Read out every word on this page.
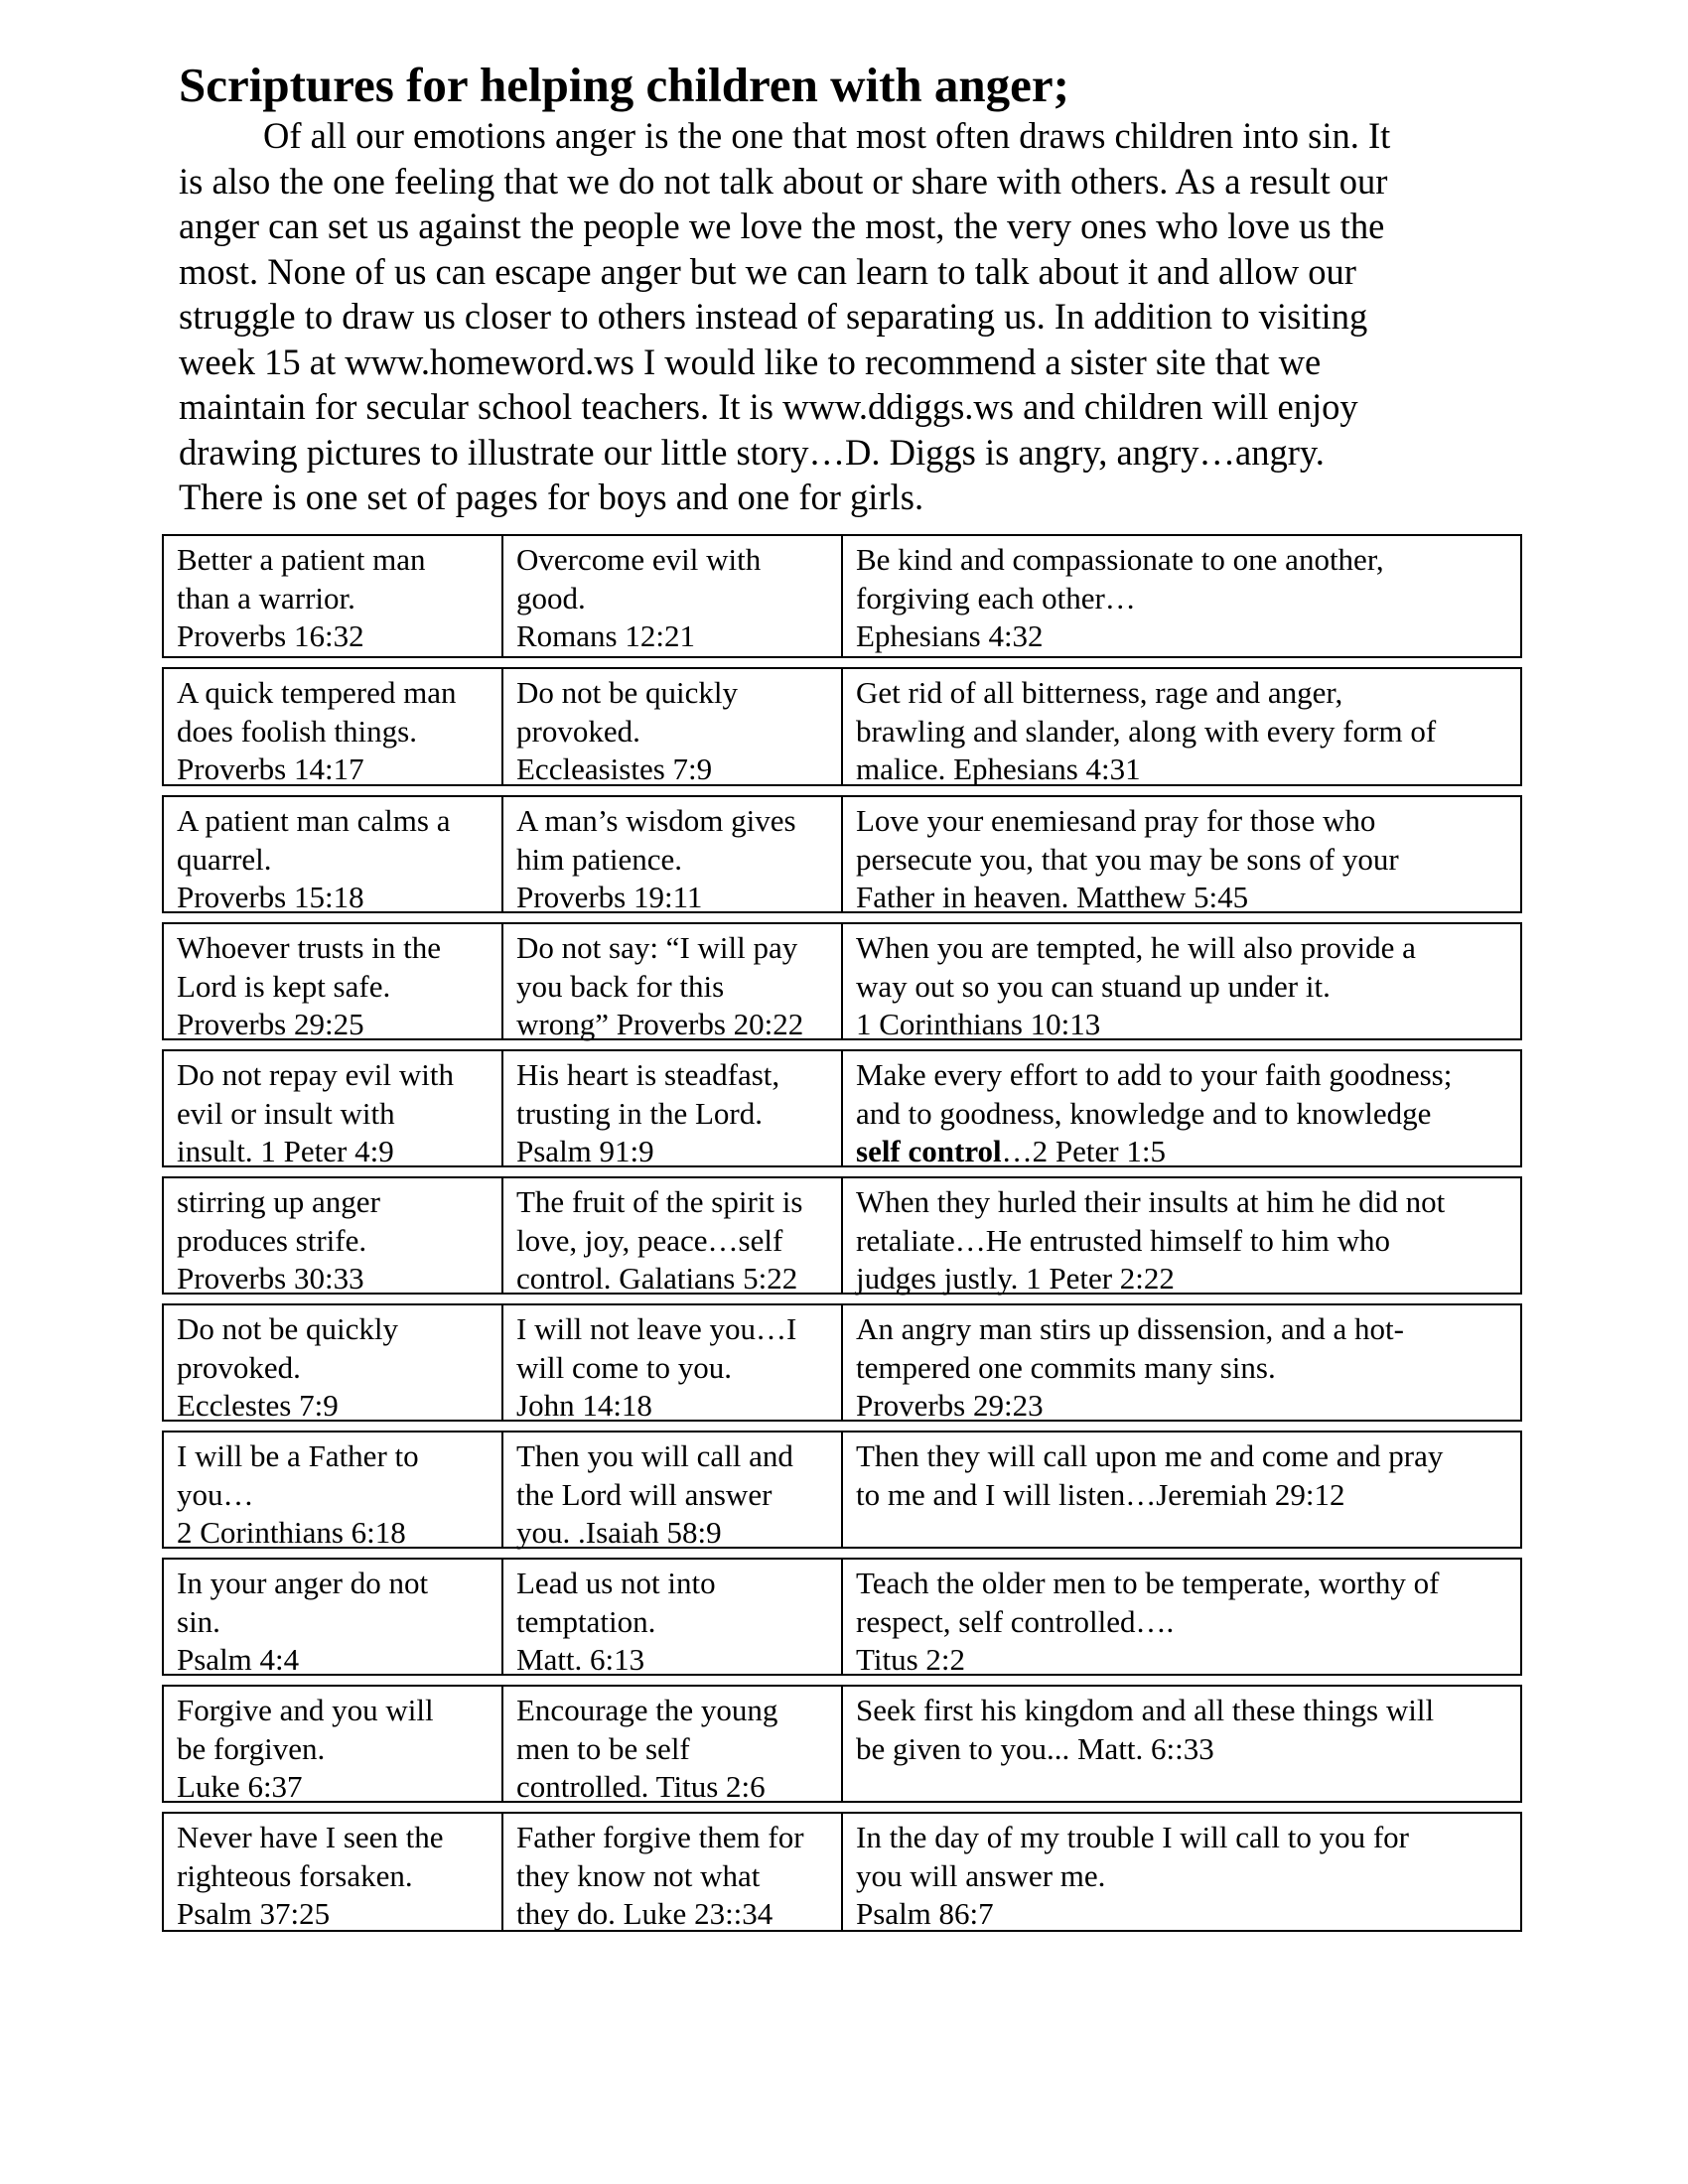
Scriptures for helping children with anger;
Of all our emotions anger is the one that most often draws children into sin. It
is also the one feeling that we do not talk about or share with others. As a result our
anger can set us against the people we love the most, the very ones who love us the
most. None of us can escape anger but we can learn to talk about it and allow our
struggle to draw us closer to others instead of separating us. In addition to visiting
week 15 at www.homeword.ws I would like to recommend a sister site that we
maintain for secular school teachers. It is www.ddiggs.ws and children will enjoy
drawing pictures to illustrate our little story…D. Diggs is angry, angry…angry.
There is one set of pages for boys and one for girls.
Better a patient man
than a warrior.
Proverbs 16:32
Overcome evil with
good.
Romans 12:21
Be kind and compassionate to one another,
forgiving each other…
Ephesians 4:32
A quick tempered man
does foolish things.
Proverbs 14:17
Do not be quickly
provoked.
Eccleasistes 7:9
Get rid of all bitterness, rage and anger,
brawling and slander, along with every form of
malice. Ephesians 4:31
A patient man calms a
quarrel.
Proverbs 15:18
A man’s wisdom gives
him patience.
Proverbs 19:11
Love your enemiesand pray for those who
persecute you, that you may be sons of your
Father in heaven. Matthew 5:45
Whoever trusts in the
Lord is kept safe.
Proverbs 29:25
Do not say: “I will pay
you back for this
wrong” Proverbs 20:22
When you are tempted, he will also provide a
way out so you can stuand up under it.
1 Corinthians 10:13
Do not repay evil with
evil or insult with
insult. 1 Peter 4:9
His heart is steadfast,
trusting in the Lord.
Psalm 91:9
Make every effort to add to your faith goodness;
and to goodness, knowledge and to knowledge
self control…2 Peter 1:5
stirring up anger
produces strife.
Proverbs 30:33
The fruit of the spirit is
love, joy, peace…self
control. Galatians 5:22
When they hurled their insults at him he did not
retaliate…He entrusted himself to him who
judges justly. 1 Peter 2:22
Do not be quickly
provoked.
Ecclestes 7:9
I will not leave you…I
will come to you.
John 14:18
An angry man stirs up dissension, and a hot-
tempered one commits many sins.
Proverbs 29:23
I will be a Father to
you…
2 Corinthians 6:18
Then you will call and
the Lord will answer
you. .Isaiah 58:9
Then they will call upon me and come and pray
to me and I will listen…Jeremiah 29:12
In your anger do not
sin.
Psalm 4:4
Lead us not into
temptation.
Matt. 6:13
Teach the older men to be temperate, worthy of
respect, self controlled….
Titus 2:2
Forgive and you will
be forgiven.
Luke 6:37
Encourage the young
men to be self
controlled. Titus 2:6
Seek first his kingdom and all these things will
be given to you... Matt. 6::33
Never have I seen the
righteous forsaken.
Psalm 37:25
Father forgive them for
they know not what
they do. Luke 23::34
In the day of my trouble I will call to you for
you will answer me.
Psalm 86:7
